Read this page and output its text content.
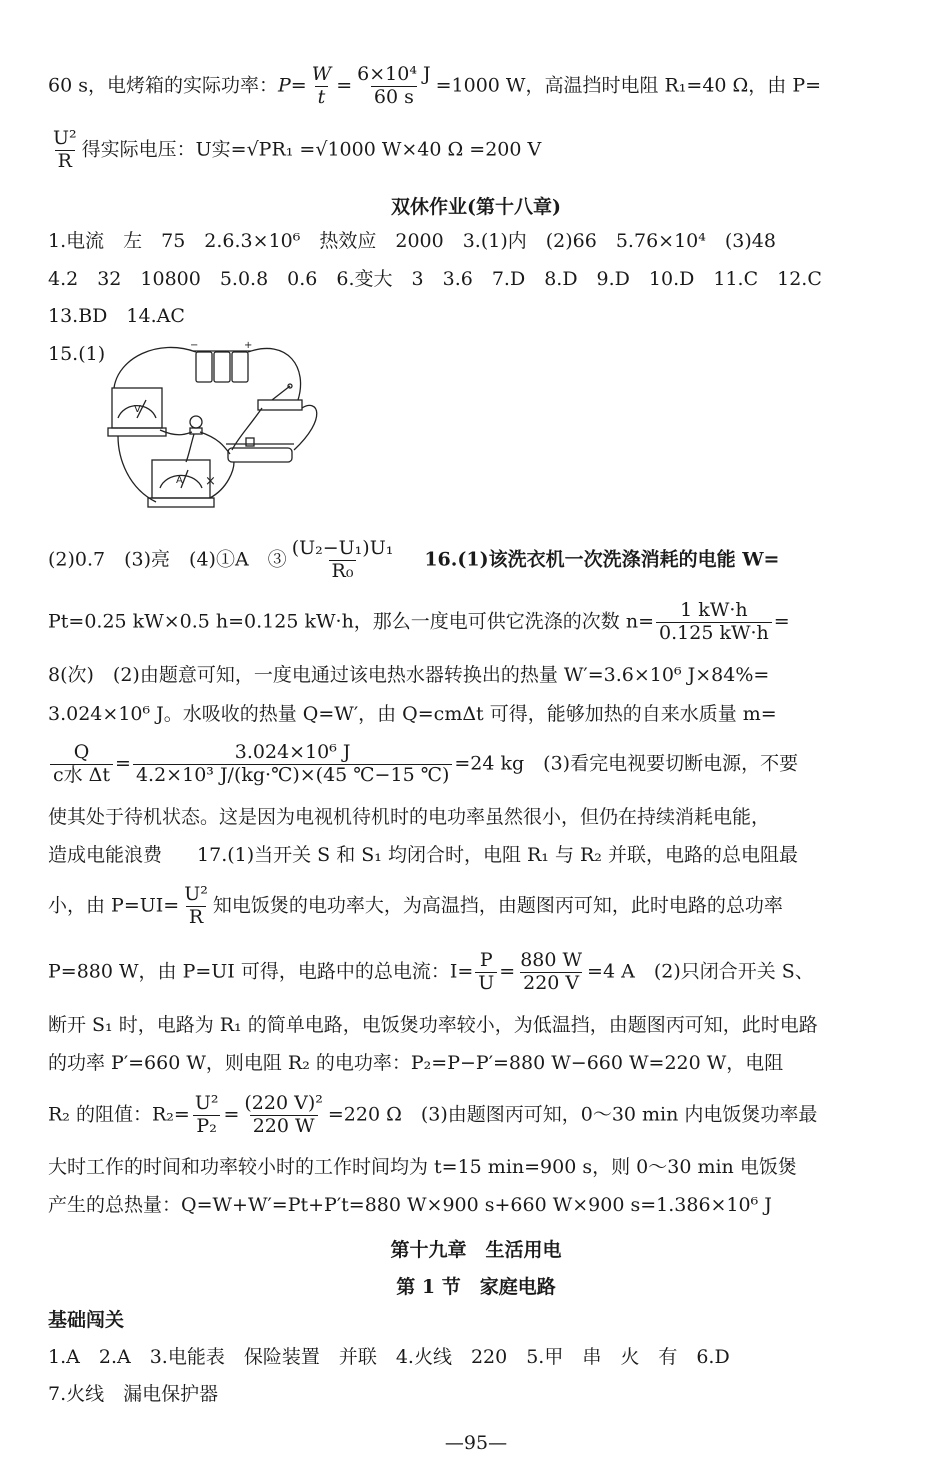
60 s，电烤箱的实际功率：$P= \frac{W}{t} = \frac{\text{6×10⁴ J}}{60 s} =1000$ W，高温挡时电阻 R₁=40 Ω，由 P=
$\frac{\text{U²}}{R}$ 得实际电压：U实=√PR₁ =√1000 W×40 Ω =200 V
双休作业(第十八章)
1.电流　左　75　2.6.3×10⁶　热效应　2000　3.(1)内　(2)66　5.76×10⁴　(3)48
4.2　32　10800　5.0.8　0.6　6.变大　3　3.6　7.D　8.D　9.D　10.D　11.C　12.C
13.BD　14.AC
15.(1)
V
A ×
−	+
(2)0.7　(3)亮　(4)①A　③ $\frac{\text{(U₂−U₁)U₁}}{\text{R₀}} 16.(1)$该洗衣机一次洗涤消耗的电能 W=
Pt=0.25 kW×0.5 h=0.125 kW·h，那么一度电可供它洗涤的次数 $n= \frac{1 kW\cdot h}{0.125 kW\cdot h}$ =
8(次)　(2)由题意可知，一度电通过该电热水器转换出的热量 W′=3.6×10⁶ J×84%=
3.024×10⁶ J。水吸收的热量 Q=W′，由 Q=cmΔt 可得，能够加热的自来水质量 m=
$\frac{Q}{\text{c水 Δt}} = \frac{\text{3.024×10⁶ J}}{\text{4.2×10³ J/(kg·℃)×(45 ℃−15 ℃)}} =24$ kg　(3)看完电视要切断电源，不要
使其处于待机状态。这是因为电视机待机时的电功率虽然很小，但仍在持续消耗电能，
造成电能浪费　17.(1)当开关 S 和 S₁ 均闭合时，电阻 R₁ 与 R₂ 并联，电路的总电阻最
小，由 $P=UI= \frac{\text{U²}}{R}$ 知电饭煲的电功率大，为高温挡，由题图丙可知，此时电路的总功率
P=880 W，由 P=UI 可得，电路中的总电流：$I= \frac{P}{U} = \frac{880 W}{220 V} =4$ A　(2)只闭合开关 S、
断开 S₁ 时，电路为 R₁ 的简单电路，电饭煲功率较小，为低温挡，由题图丙可知，此时电路
的功率 P′=660 W，则电阻 R₂ 的电功率：P₂=P−P′=880 W−660 W=220 W，电阻
R₂ 的阻值：$R_2= \frac{\text{U²}}{\text{P₂}} = \frac{\text{(220 V)²}}{220 W} =220$ Ω　(3)由题图丙可知，0～30 min 内电饭煲功率最
大时工作的时间和功率较小时的工作时间均为 t=15 min=900 s，则 0～30 min 电饭煲
产生的总热量：Q=W+W′=Pt+P′t=880 W×900 s+660 W×900 s=1.386×10⁶ J
第十九章　生活用电
第 1 节　家庭电路
基础闯关
1.A　2.A　3.电能表　保险装置　并联　4.火线　220　5.甲　串　火　有　6.D
7.火线　漏电保护器
—95—
